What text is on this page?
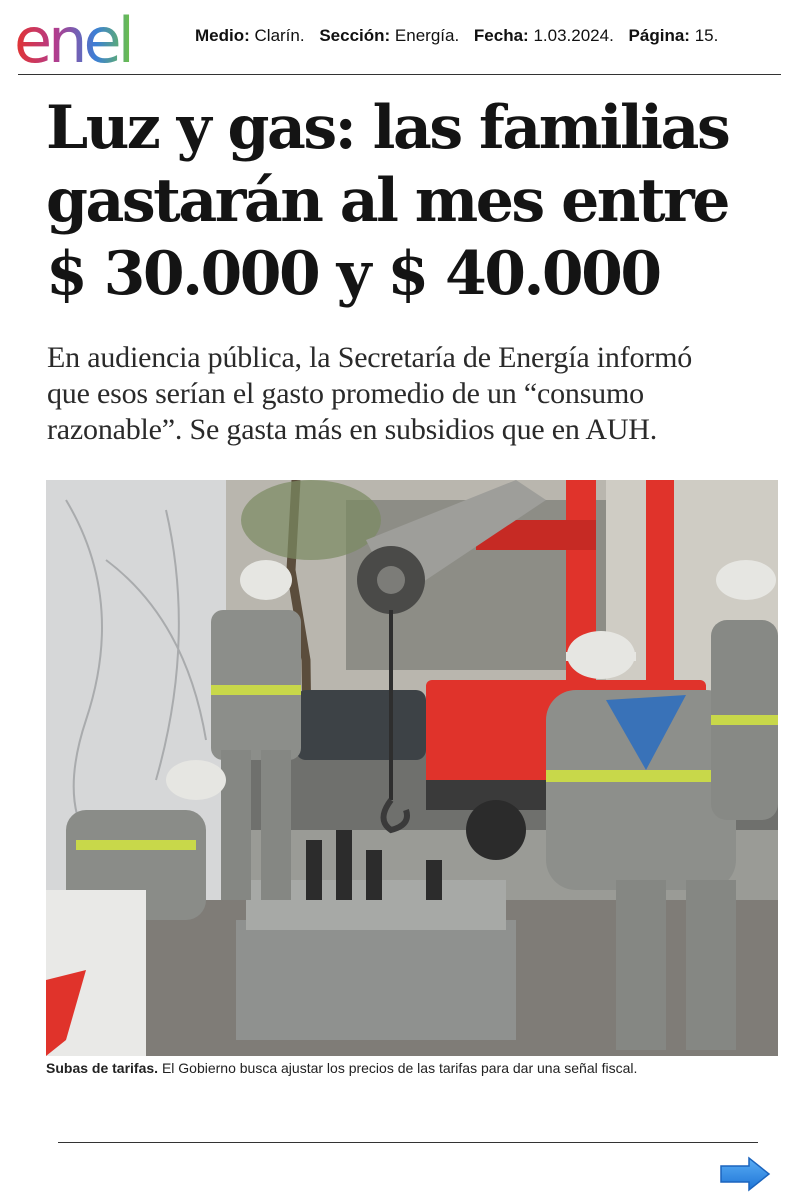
enel	Medio: Clarín. Sección: Energía. Fecha: 1.03.2024. Página: 15.
Luz y gas: las familias
gastarán al mes entre
$ 30.000 y $ 40.000

En audiencia pública, la Secretaría de Energía informó
que esos serían el gasto promedio de un “consumo
razonable”. Se gasta más en subsidios que en AUH.

Subas de tarifas. El Gobierno busca ajustar los precios de las tarifas para dar una señal fiscal.
